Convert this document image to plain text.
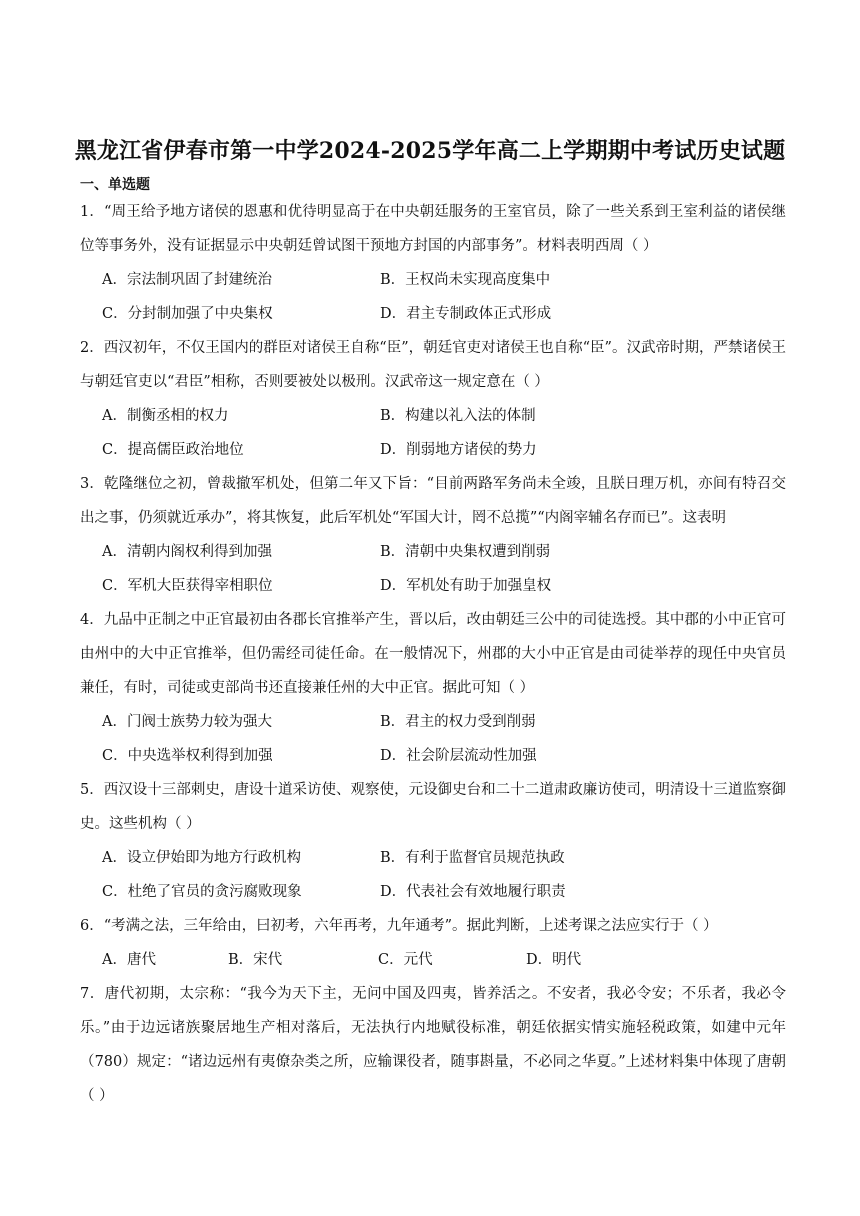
黑龙江省伊春市第一中学2024-2025学年高二上学期期中考试历史试题
一、单选题
1．“周王给予地方诸侯的恩惠和优待明显高于在中央朝廷服务的王室官员，除了一些关系到王室利益的诸侯继位等事务外，没有证据显示中央朝廷曾试图干预地方封国的内部事务”。材料表明西周（ ）
A．宗法制巩固了封建统治	B．王权尚未实现高度集中
C．分封制加强了中央集权	D．君主专制政体正式形成
2．西汉初年，不仅王国内的群臣对诸侯王自称“臣”，朝廷官吏对诸侯王也自称“臣”。汉武帝时期，严禁诸侯王与朝廷官吏以“君臣”相称，否则要被处以极刑。汉武帝这一规定意在（ ）
A．制衡丞相的权力	B．构建以礼入法的体制
C．提高儒臣政治地位	D．削弱地方诸侯的势力
3．乾隆继位之初，曾裁撤军机处，但第二年又下旨：“目前两路军务尚未全竣，且朕日理万机，亦间有特召交出之事，仍须就近承办”，将其恢复，此后军机处“军国大计，罔不总揽”“内阁宰辅名存而已”。这表明
A．清朝内阁权利得到加强	B．清朝中央集权遭到削弱
C．军机大臣获得宰相职位	D．军机处有助于加强皇权
4．九品中正制之中正官最初由各郡长官推举产生，晋以后，改由朝廷三公中的司徒选授。其中郡的小中正官可由州中的大中正官推举，但仍需经司徒任命。在一般情况下，州郡的大小中正官是由司徒举荐的现任中央官员兼任，有时，司徒或吏部尚书还直接兼任州的大中正官。据此可知（ ）
A．门阀士族势力较为强大	B．君主的权力受到削弱
C．中央选举权利得到加强	D．社会阶层流动性加强
5．西汉设十三部刺史，唐设十道采访使、观察使，元设御史台和二十二道肃政廉访使司，明清设十三道监察御史。这些机构（ ）
A．设立伊始即为地方行政机构	B．有利于监督官员规范执政
C．杜绝了官员的贪污腐败现象	D．代表社会有效地履行职责
6．“考满之法，三年给由，曰初考，六年再考，九年通考”。据此判断，上述考课之法应实行于（ ）
A．唐代	B．宋代	C．元代	D．明代
7．唐代初期，太宗称：“我今为天下主，无问中国及四夷，皆养活之。不安者，我必令安；不乐者，我必令乐。”由于边远诸族聚居地生产相对落后，无法执行内地赋役标准，朝廷依据实情实施轻税政策，如建中元年（780）规定：“诸边远州有夷僚杂类之所，应输课役者，随事斟量，不必同之华夏。”上述材料集中体现了唐朝（ ）
